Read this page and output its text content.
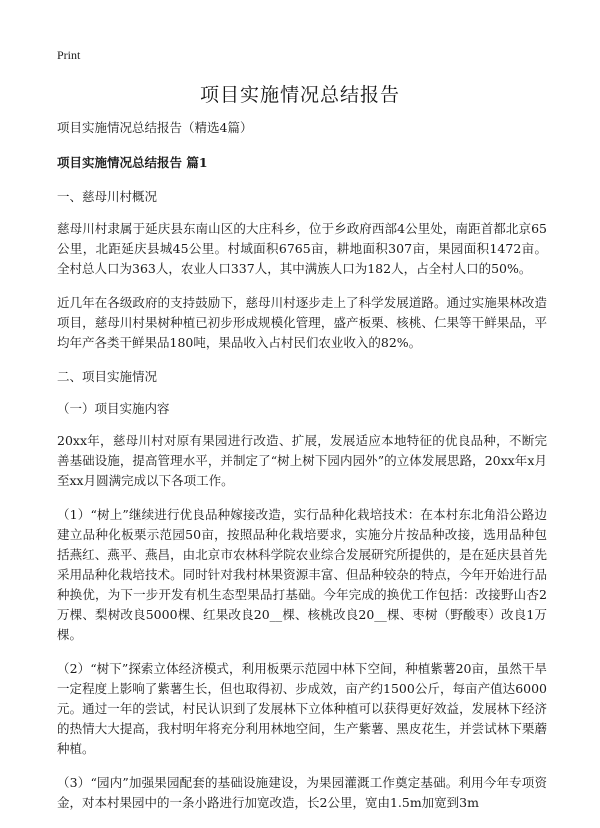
Print
项目实施情况总结报告

项目实施情况总结报告（精选4篇）

项目实施情况总结报告 篇1

一、慈母川村概况

慈母川村隶属于延庆县东南山区的大庄科乡，位于乡政府西部4公里处，南距首都北京65公里，北距延庆县城45公里。村域面积6765亩，耕地面积307亩，果园面积1472亩。全村总人口为363人，农业人口337人，其中满族人口为182人，占全村人口的50%。

近几年在各级政府的支持鼓励下，慈母川村逐步走上了科学发展道路。通过实施果林改造项目，慈母川村果树种植已初步形成规模化管理，盛产板栗、核桃、仁果等干鲜果品，平均年产各类干鲜果品180吨，果品收入占村民们农业收入的82%。

二、项目实施情况

（一）项目实施内容

20xx年，慈母川村对原有果园进行改造、扩展，发展适应本地特征的优良品种，不断完善基础设施，提高管理水平，并制定了“树上树下园内园外”的立体发展思路，20xx年x月至xx月圆满完成以下各项工作。

（1）“树上”继续进行优良品种嫁接改造，实行品种化栽培技术：在本村东北角沿公路边建立品种化板栗示范园50亩，按照品种化栽培要求，实施分片按品种改接，选用品种包括燕红、燕平、燕昌，由北京市农林科学院农业综合发展研究所提供的，是在延庆县首先采用品种化栽培技术。同时针对我村林果资源丰富、但品种较杂的特点，今年开始进行品种换优，为下一步开发有机生态型果品打基础。今年完成的换优工作包括：改接野山杏2万棵、梨树改良5000棵、红果改良20__棵、核桃改良20__棵、枣树（野酸枣）改良1万棵。

（2）“树下”探索立体经济模式，利用板栗示范园中林下空间，种植紫薯20亩，虽然干旱一定程度上影响了紫薯生长，但也取得初、步成效，亩产约1500公斤，每亩产值达6000元。通过一年的尝试，村民认识到了发展林下立体种植可以获得更好效益，发展林下经济的热情大大提高，我村明年将充分利用林地空间，生产紫薯、黑皮花生，并尝试林下栗蘑种植。

（3）“园内”加强果园配套的基础设施建设，为果园灌溉工作奠定基础。利用今年专项资金，对本村果园中的一条小路进行加宽改造，长2公里，宽由1.5m加宽到3m
